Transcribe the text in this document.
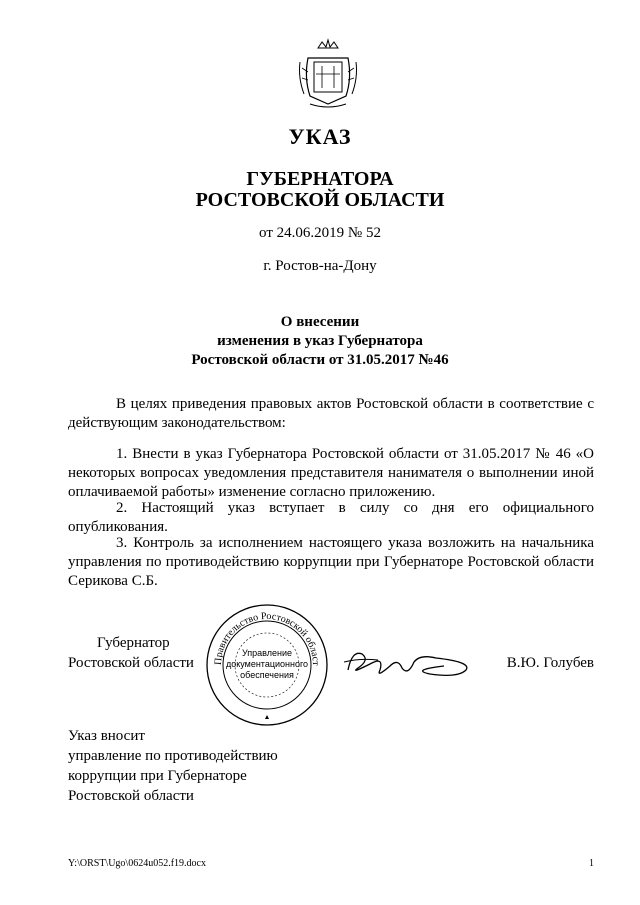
УКАЗ
ГУБЕРНАТОРА
РОСТОВСКОЙ ОБЛАСТИ
от 24.06.2019 № 52
г. Ростов-на-Дону
О внесении
изменения в указ Губернатора
Ростовской области от 31.05.2017 №46
В целях приведения правовых актов Ростовской области в соответствие с действующим законодательством:
1. Внести в указ Губернатора Ростовской области от 31.05.2017 № 46 «О некоторых вопросах уведомления представителя нанимателя о выполнении иной оплачиваемой работы» изменение согласно приложению.
2. Настоящий указ вступает в силу со дня его официального опубликования.
3. Контроль за исполнением настоящего указа возложить на начальника управления по противодействию коррупции при Губернаторе Ростовской области Серикова С.Б.
Губернатор
Ростовской области	В.Ю. Голубев
Правительство Ростовской област
Управление
документационного
обеспечения
Указ вносит
управление по противодействию
коррупции при Губернаторе
Ростовской области
Y:\ORST\Ugo\0624u052.f19.docx	1
